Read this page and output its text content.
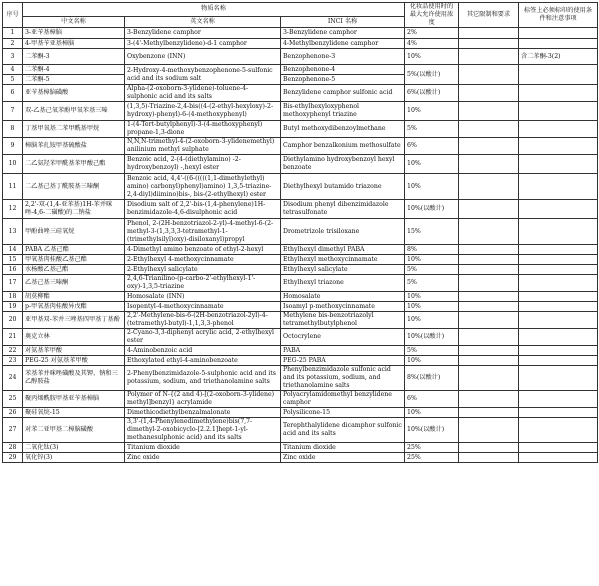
序号	物质名称			化妆品使用时的最大允许使用浓度	其它限制和要求	标签上必须标印的使用条件和注意事项
	中文名称	英文名称	INCI 名称			
1	3-亚苄基樟脑	3-Benzylidene camphor	3-Benzylidene camphor	2%		
2	4-甲基苄亚基樟脑	3-(4'-Methylbenzylidene)-d-1 camphor	4-Methylbenzylidene camphor	4%		
3	二苯酮-3	Oxybenzone (INN)	Benzophenone-3	10%		含二苯酮-3(2)
4	二苯酮-4	2-Hydroxy-4-methoxybenzophenone-5-sulfonic acid and its sodium salt	Benzophenone-4	5%(以酸计)		
5	二苯酮-5		Benzophenone-5			
6	亚苄基樟脑磺酸	Alpha-(2-oxoborn-3-ylidene)-toluene-4-sulphonic acid and its salts	Benzylidene camphor sulfonic acid	6%(以酸计)		
7	双-乙基己氧苯酚甲氧苯基三嗪	(1,3,5)-Triazine-2,4-bis((4-(2-ethyl-hexyloxy)-2-hydroxy)-phenyl)-6-(4-methoxyphenyl)	Bis-ethylhexyloxyphenol methoxyphenyl triazine	10%		
8	丁基甲氧基二苯甲酰基甲烷	1-(4-Tert-butylphenyl)-3-(4-methoxyphenyl) propane-1,3-dione	Butyl methoxydibenzoylmethane	5%		
9	樟脑苯扎铵甲基硫酸盐	N,N,N-trimethyl-4-(2-oxoborn-3-ylidenemethyl) anilinium methyl sulphate	Camphor benzalkonium methosulfate	6%		
10	二乙氨羟苯甲酰基苯甲酸己酯	Benzoic acid, 2-(4-(diethylamino) -2-hydroxybenzoyl) -,hexyl ester	Diethylamino hydroxybenzoyl hexyl benzoate	10%		
11	二乙基己基丁酰胺基三嗪酮	Benzoic acid, 4,4'-((6-(((((1,1-dimethylethyl) amino) carbonyl)phenyl)amino) 1,3,5-triazine-2,4-diyl)diimino)bis-, bis-(2-ethylhexyl) ester	Diethylhexyl butamido triazone	10%		
12	2,2'-双-(1,4-亚苯基)1H-苯并咪唑-4,6-二磺酸)的二钠盐	Disodium salt of 2,2'-bis-(1,4-phenylene)1H-benzimidazole-4,6-disulphonic acid	Disodium phenyl dibenzimidazole tetrasulfonate	10%(以酸计)		
13	甲酚曲唑三硅氧烷	Phenol, 2-(2H-benzotriazol-2-yl)-4-methyl-6-(2-methyl-3-(1,3,3,3-tetramethyl-1-(trimethylsilyl)oxy)-disiloxanyl)propyl	Drometrizole trisiloxane	15%		
14	PABA 乙基己酯	4-Dimethyl amino benzoate of ethyl-2-hexyl	Ethylhexyl dimethyl PABA	8%		
15	甲氧基肉桂酸乙基己酯	2-Ethylhexyl 4-methoxycinnamate	Ethylhexyl methoxycinnamate	10%		
16	水杨酸乙基己酯	2-Ethylhexyl salicylate	Ethylhexyl salicylate	5%		
17	乙基己基三嗪酮	2,4,6-Trianilino-(p-carbo-2'-ethylhexyl-1'-oxy)-1,3,5-triazine	Ethylhexyl triazone	5%		
18	胡莫柳酯	Homosalate (INN)	Homosalate	10%		
19	p-甲氧基肉桂酸异戊酯	Isopentyl-4-methoxycinnamate	Isoamyl p-methoxycinnamate	10%		
20	亚甲基双-苯并三唑基四甲基丁基酚	2,2'-Methylene-bis-6-(2H-benzotriazol-2yl)-4-(tetramethyl-butyl)-1,1,3,3-phenol	Methylene bis-benzotriazolyl tetramethylbutylphenol	10%		
21	奥克立林	2-Cyano-3,3-diphenyl acrylic acid, 2-ethylhexyl ester	Octocrylene	10%(以酸计)		
22	对氨基苯甲酸	4-Aminobenzoic acid	PABA	5%		
23	PEG-25 对氨基苯甲酸	Ethoxylated ethyl-4-aminobenzoate	PEG-25 PABA	10%		
24	苯基苯并咪唑磺酸及其钾、钠和三乙醇胺盐	2-Phenylbenzimidazole-5-sulphonic acid and its potassium, sodium, and triethanolamine salts	Phenylbenzimidazole sulfonic acid and its potassium, sodium, and triethanolamine salts	8%(以酸计)		
25	聚丙烯酰胺甲基亚苄基樟脑	Polymer of N-{(2 and 4)-[(2-oxoborn-3-ylidene) methyl]benzyl} acrylamide	Polyacrylamidomethyl benzylidene camphor	6%		
26	聚硅氧烷-15	Dimethicodiethylbenzalmalonate	Polysilicone-15	10%		
27	对苯二亚甲基二樟脑磺酸	3,3'-(1,4-Phenylenedimethylene)bis(7,7-dimethyl-2-oxobicyclo-[2.2.1]hept-1-yl-methanesulphonic acid) and its salts	Terephthalylidene dicamphor sulfonic acid and its salts	10%(以酸计)		
28	二氧化钛(3)	Titanium dioxide	Titanium dioxide	25%		
29	氧化锌(3)	Zinc oxide	Zinc oxide	25%		
